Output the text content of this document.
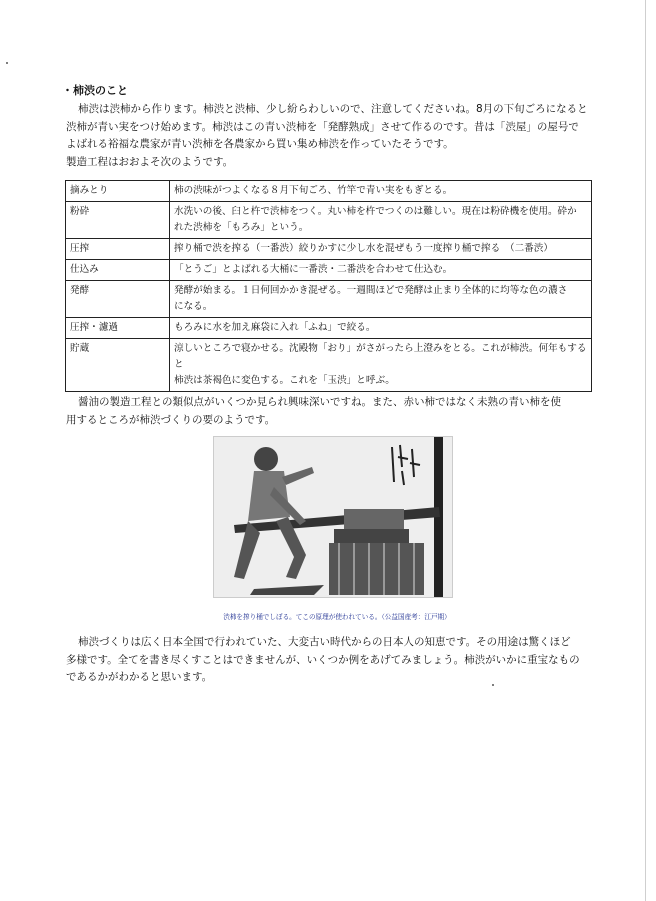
・柿渋のこと
柿渋は渋柿から作ります。柿渋と渋柿、少し紛らわしいので、注意してくださいね。8月の下旬ごろになると
渋柿が青い実をつけ始めます。柿渋はこの青い渋柿を「発酵熟成」させて作るのです。昔は「渋屋」の屋号で
よばれる裕福な農家が青い渋柿を各農家から買い集め柿渋を作っていたそうです。
製造工程はおおよそ次のようです。
摘みとり	柿の渋味がつよくなる８月下旬ごろ、竹竿で青い実をもぎとる。

粉砕	水洗いの後、臼と杵で渋柿をつく。丸い柿を杵でつくのは難しい。現在は粉砕機を使用。砕か
れた渋柿を「もろみ」という。

圧搾	搾り桶で渋を搾る（一番渋）絞りかすに少し水を混ぜもう一度搾り桶で搾る　（二番渋）

仕込み	「とうご」とよばれる大桶に一番渋・二番渋を合わせて仕込む。

発酵	発酵が始まる。１日何回かかき混ぜる。一週間ほどで発酵は止まり全体的に均等な色の濃さ
になる。

圧搾・濾過	もろみに水を加え麻袋に入れ「ふね」で絞る。

貯蔵	涼しいところで寝かせる。沈殿物「おり」がさがったら上澄みをとる。これが柿渋。何年もすると
柿渋は茶褐色に変色する。これを「玉渋」と呼ぶ。
醤油の製造工程との類似点がいくつか見られ興味深いですね。また、赤い柿ではなく未熟の青い柿を使
用するところが柿渋づくりの要のようです。
渋柿を搾り桶でしぼる。てこの原理が使われている。（公益国産考：江戸期）
柿渋づくりは広く日本全国で行われていた、大変古い時代からの日本人の知恵です。その用途は驚くほど
多様です。全てを書き尽くすことはできませんが、いくつか例をあげてみましょう。柿渋がいかに重宝なもの
であるかがわかると思います。
